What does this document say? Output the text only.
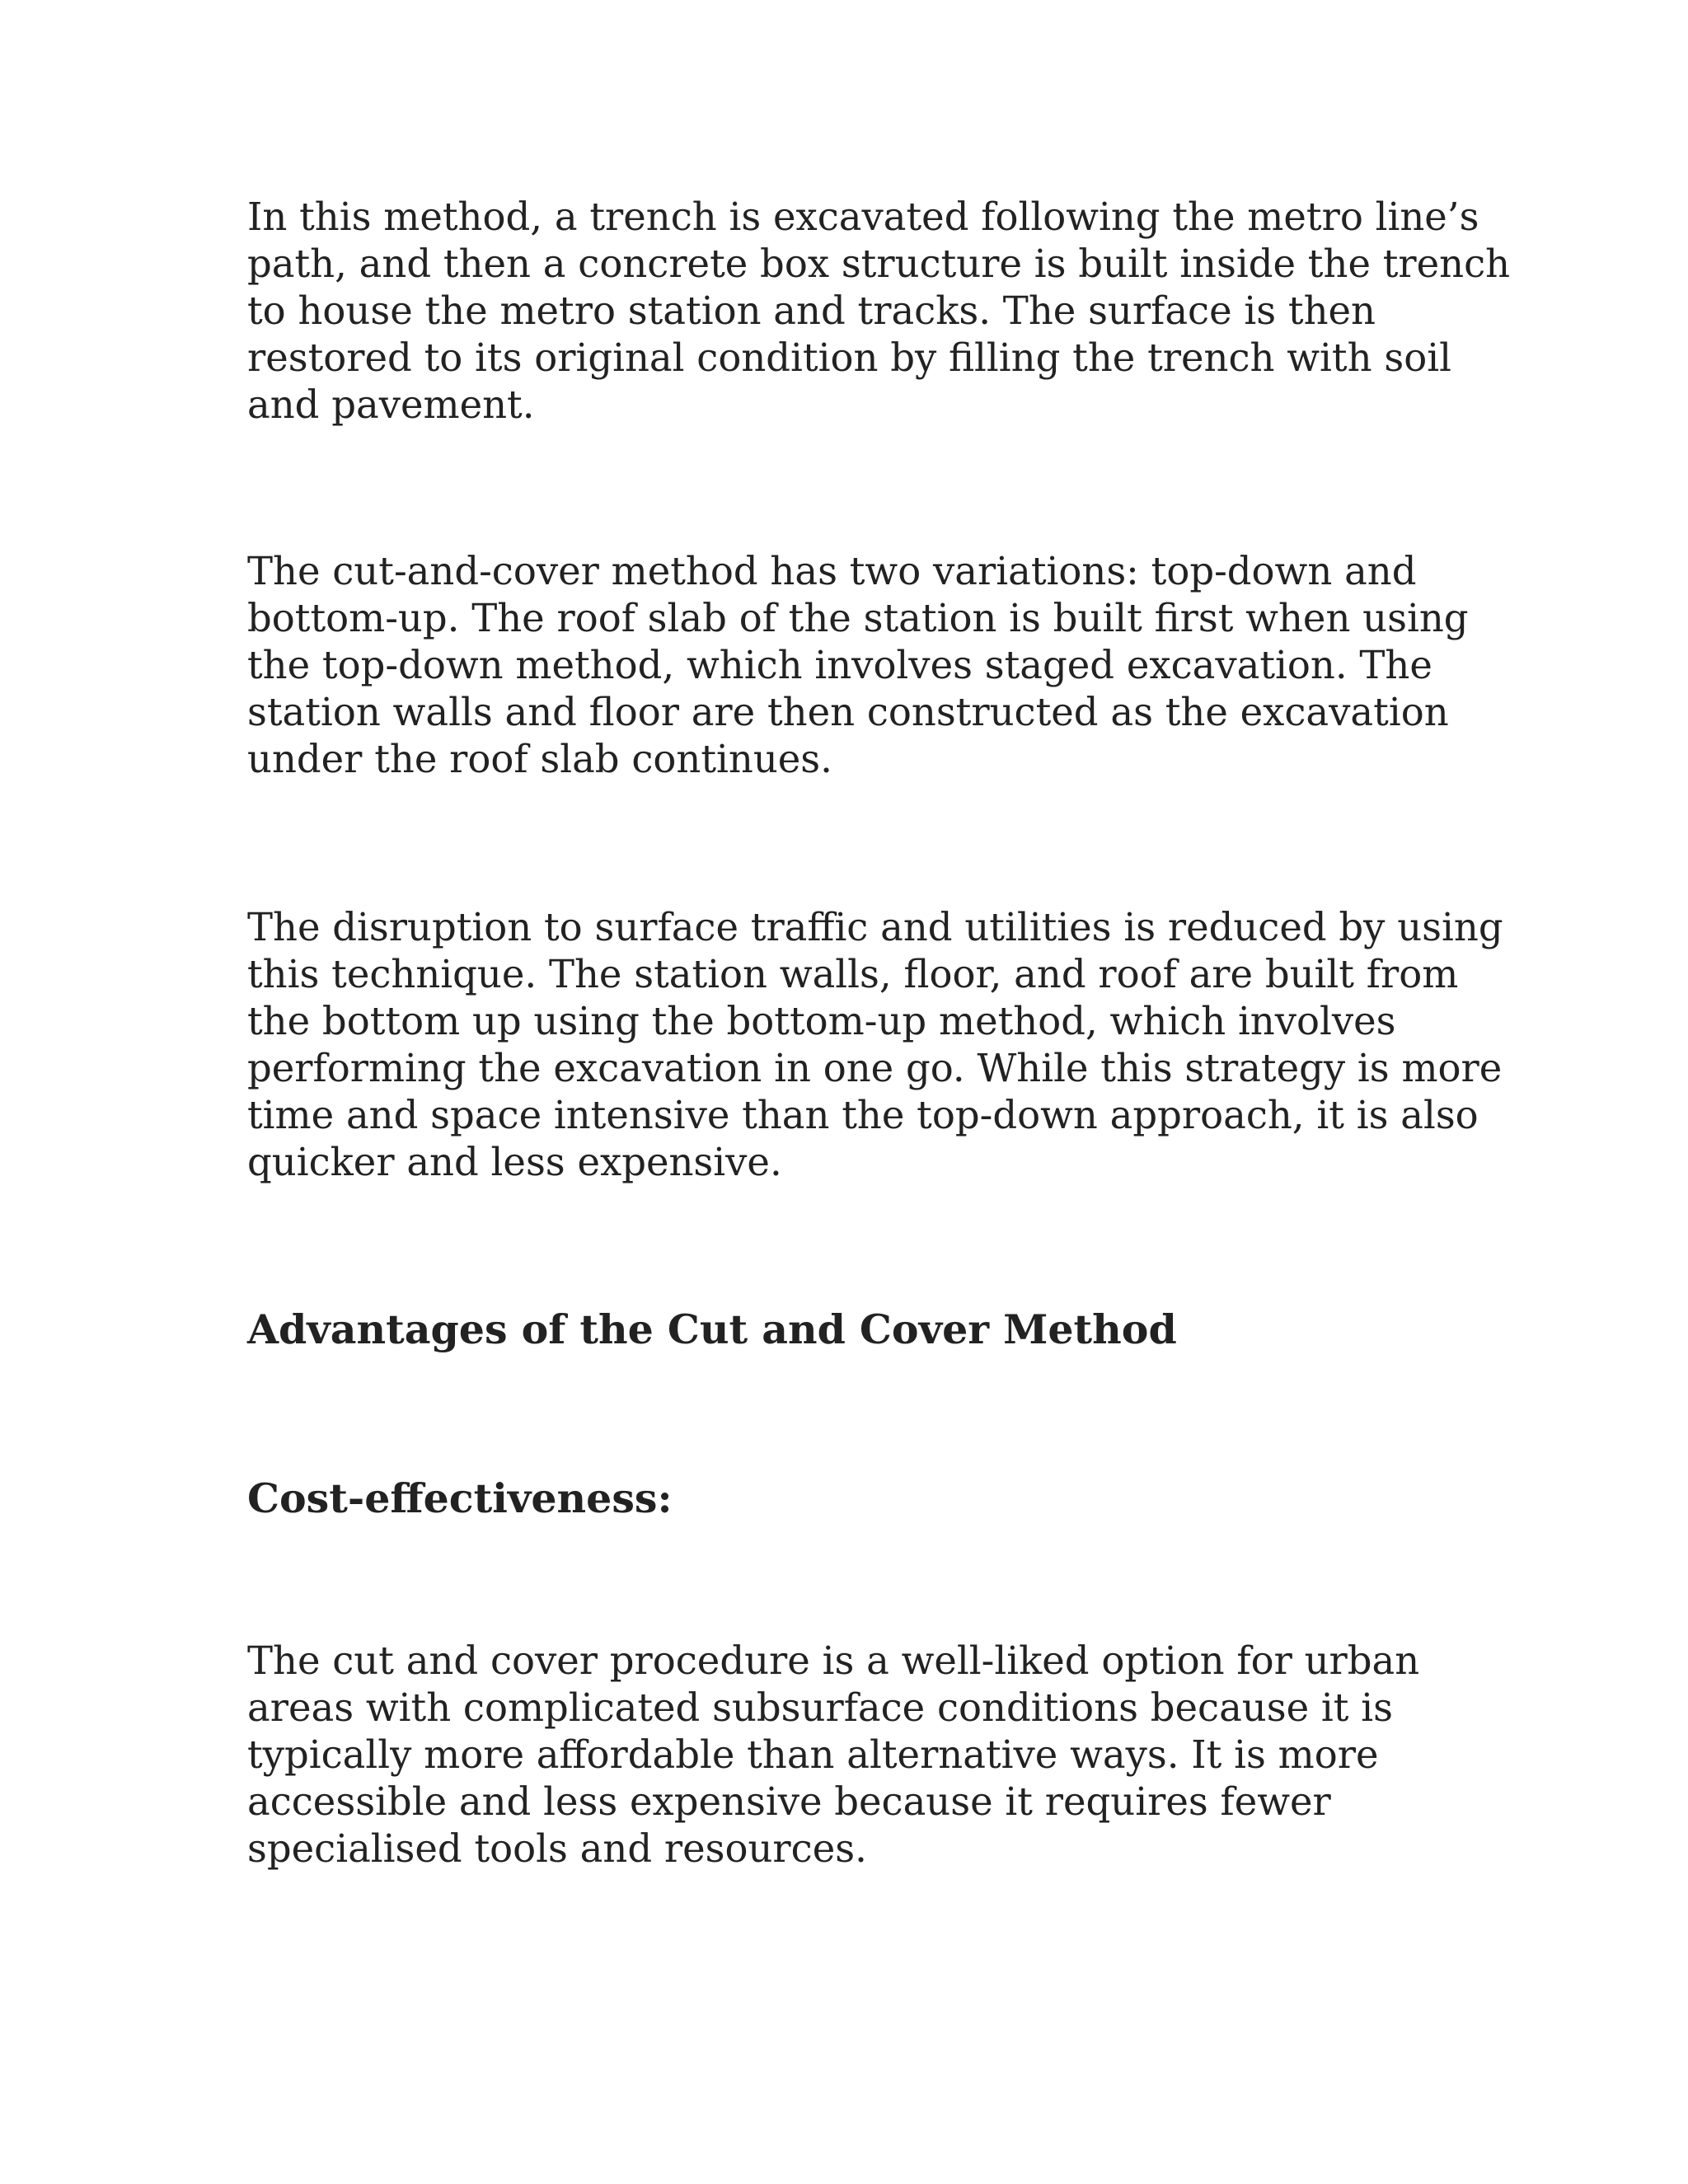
In this method, a trench is excavated following the metro line’s
path, and then a concrete box structure is built inside the trench
to house the metro station and tracks. The surface is then
restored to its original condition by filling the trench with soil
and pavement.

The cut-and-cover method has two variations: top-down and
bottom-up. The roof slab of the station is built first when using
the top-down method, which involves staged excavation. The
station walls and floor are then constructed as the excavation
under the roof slab continues.

The disruption to surface traffic and utilities is reduced by using
this technique. The station walls, floor, and roof are built from
the bottom up using the bottom-up method, which involves
performing the excavation in one go. While this strategy is more
time and space intensive than the top-down approach, it is also
quicker and less expensive.

Advantages of the Cut and Cover Method
Cost-effectiveness:

The cut and cover procedure is a well-liked option for urban
areas with complicated subsurface conditions because it is
typically more affordable than alternative ways. It is more
accessible and less expensive because it requires fewer
specialised tools and resources.
